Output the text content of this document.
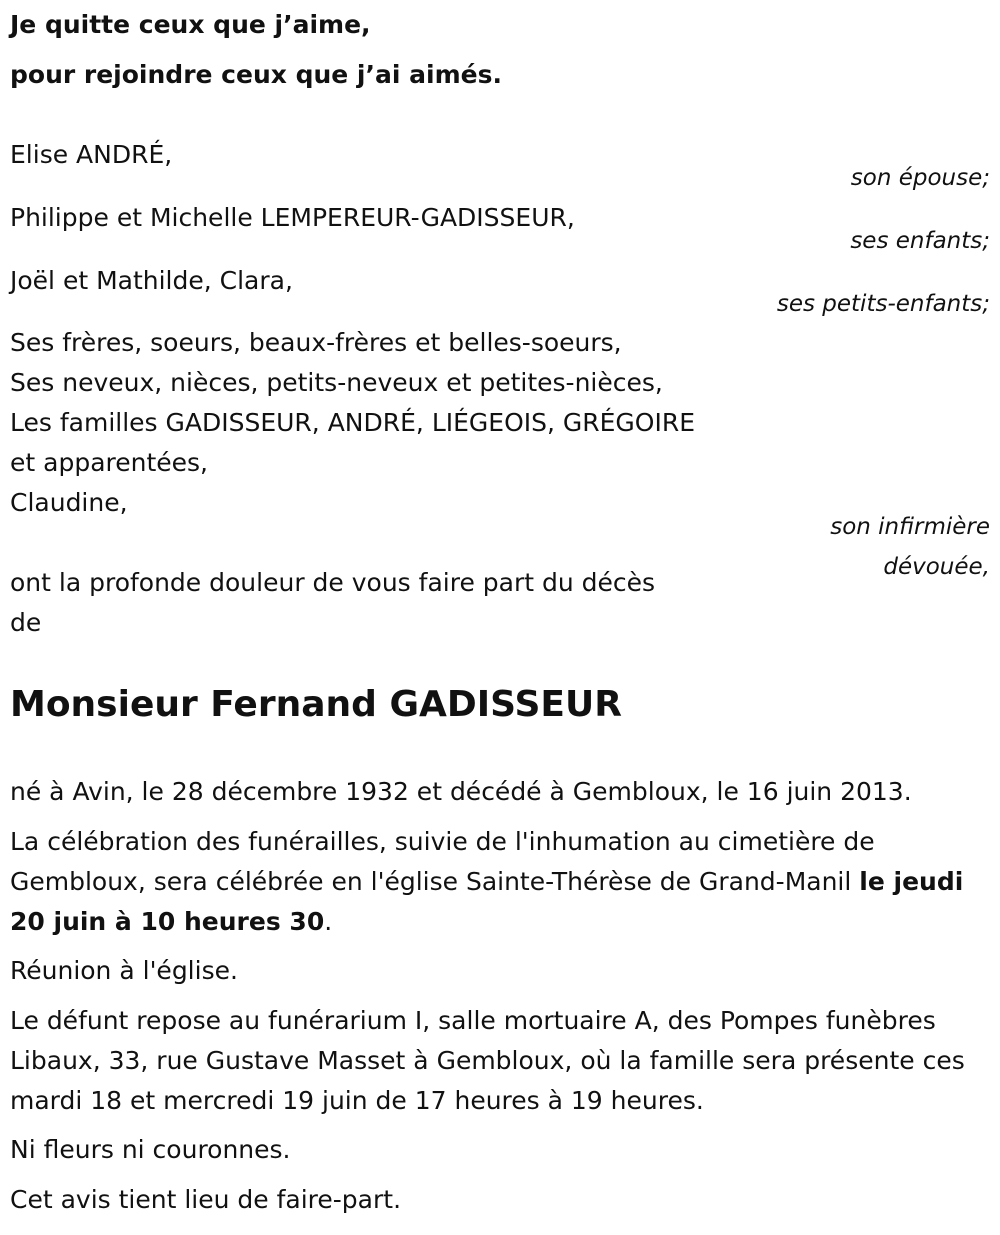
Je quitte ceux que j’aime,
pour rejoindre ceux que j’ai aimés.
Elise ANDRÉ,
son épouse;
Philippe et Michelle LEMPEREUR-GADISSEUR,
ses enfants;
Joël et Mathilde, Clara,
ses petits-enfants;
Ses frères, soeurs, beaux-frères et belles-soeurs,
Ses neveux, nièces, petits-neveux et petites-nièces,
Les familles GADISSEUR, ANDRÉ, LIÉGEOIS, GRÉGOIRE
et apparentées,
Claudine,
son infirmière
dévouée,
ont la profonde douleur de vous faire part du décès
de
Monsieur Fernand GADISSEUR
né à Avin, le 28 décembre 1932 et décédé à Gembloux, le 16 juin 2013.
La célébration des funérailles, suivie de l'inhumation au cimetière de Gembloux, sera célébrée en l'église Sainte-Thérèse de Grand-Manil le jeudi 20 juin à 10 heures 30.
Réunion à l'église.
Le défunt repose au funérarium I, salle mortuaire A, des Pompes funèbres Libaux, 33, rue Gustave Masset à Gembloux, où la famille sera présente ces mardi 18 et mercredi 19 juin de 17 heures à 19 heures.
Ni fleurs ni couronnes.
Cet avis tient lieu de faire-part.
